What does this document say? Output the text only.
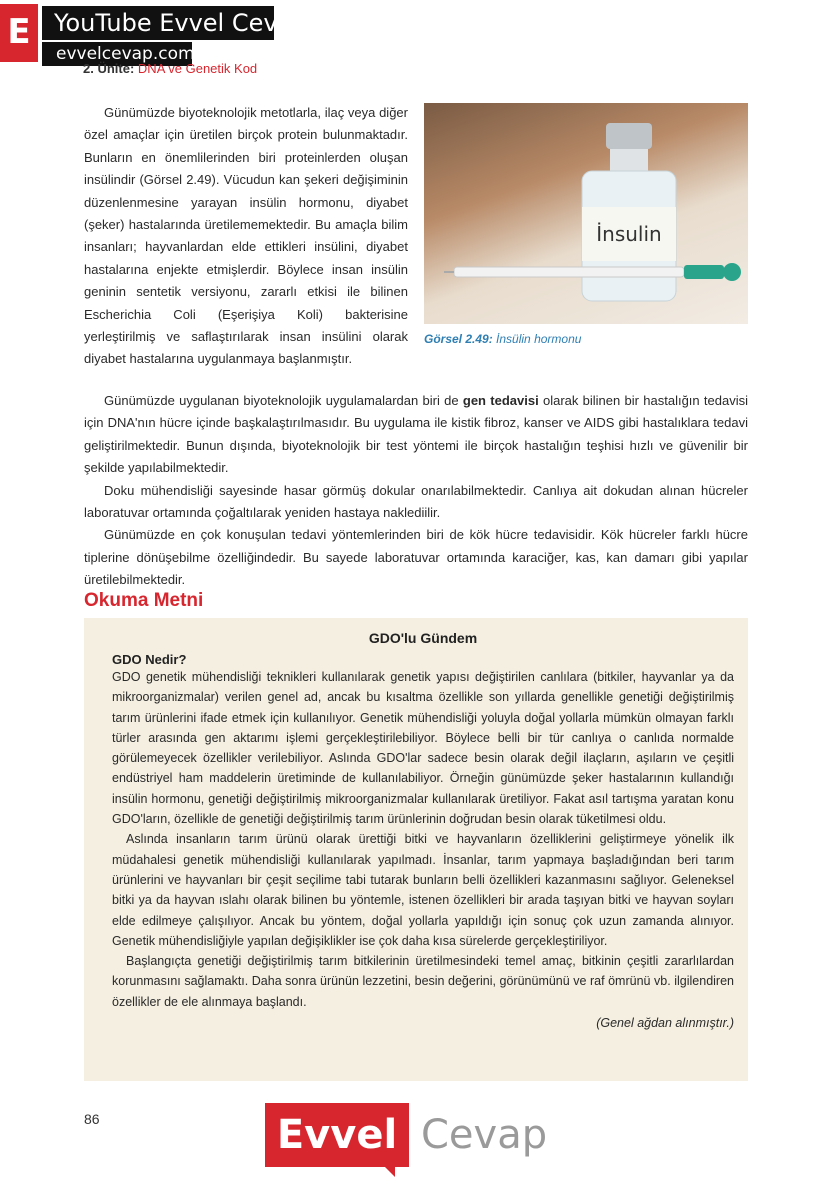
E YouTube Evvel Cevap
evvelcevap.com
2. Ünite: DNA ve Genetik Kod

Günümüzde biyoteknolojik metotlarla, ilaç veya diğer özel amaçlar için üretilen birçok protein bulunmaktadır. Bunların en önemlilerinden biri proteinlerden oluşan insülindir (Görsel 2.49). Vücudun kan şekeri değişiminin düzenlenmesine yarayan insülin hormonu, diyabet (şeker) hastalarında üretilememektedir. Bu amaçla bilim insanları; hayvanlardan elde ettikleri insülini, diyabet hastalarına enjekte etmişlerdir. Böylece insan insülin geninin sentetik versiyonu, zararlı etkisi ile bilinen Escherichia Coli (Eşerişiya Koli) bakterisine yerleştirilmiş ve saflaştırılarak insan insülini olarak diyabet hastalarına uygulanmaya başlanmıştır.

İnsulin
Görsel 2.49: İnsülin hormonu

Günümüzde uygulanan biyoteknolojik uygulamalardan biri de gen tedavisi olarak bilinen bir hastalığın tedavisi için DNA'nın hücre içinde başkalaştırılmasıdır. Bu uygulama ile kistik fibroz, kanser ve AIDS gibi hastalıklara tedavi geliştirilmektedir. Bunun dışında, biyoteknolojik bir test yöntemi ile birçok hastalığın teşhisi hızlı ve güvenilir bir şekilde yapılabilmektedir.

Doku mühendisliği sayesinde hasar görmüş dokular onarılabilmektedir. Canlıya ait dokudan alınan hücreler laboratuvar ortamında çoğaltılarak yeniden hastaya naklediilir.

Günümüzde en çok konuşulan tedavi yöntemlerinden biri de kök hücre tedavisidir. Kök hücreler farklı hücre tiplerine dönüşebilme özelliğindedir. Bu sayede laboratuvar ortamında karaciğer, kas, kan damarı gibi yapılar üretilebilmektedir.

Okuma Metni
GDO'lu Gündem
GDO Nedir?

GDO genetik mühendisliği teknikleri kullanılarak genetik yapısı değiştirilen canlılara (bitkiler, hayvanlar ya da mikroorganizmalar) verilen genel ad, ancak bu kısaltma özellikle son yıllarda genellikle genetiği değiştirilmiş tarım ürünlerini ifade etmek için kullanılıyor. Genetik mühendisliği yoluyla doğal yollarla mümkün olmayan farklı türler arasında gen aktarımı işlemi gerçekleştirilebiliyor. Böylece belli bir tür canlıya o canlıda normalde görülemeyecek özellikler verilebiliyor. Aslında GDO'lar sadece besin olarak değil ilaçların, aşıların ve çeşitli endüstriyel ham maddelerin üretiminde de kullanılabiliyor. Örneğin günümüzde şeker hastalarının kullandığı insülin hormonu, genetiği değiştirilmiş mikroorganizmalar kullanılarak üretiliyor. Fakat asıl tartışma yaratan konu GDO'ların, özellikle de genetiği değiştirilmiş tarım ürünlerinin doğrudan besin olarak tüketilmesi oldu.

Aslında insanların tarım ürünü olarak ürettiği bitki ve hayvanların özelliklerini geliştirmeye yönelik ilk müdahalesi genetik mühendisliği kullanılarak yapılmadı. İnsanlar, tarım yapmaya başladığından beri tarım ürünlerini ve hayvanları bir çeşit seçilime tabi tutarak bunların belli özellikleri kazanmasını sağlıyor. Geleneksel bitki ya da hayvan ıslahı olarak bilinen bu yöntemle, istenen özellikleri bir arada taşıyan bitki ve hayvan soyları elde edilmeye çalışılıyor. Ancak bu yöntem, doğal yollarla yapıldığı için sonuç çok uzun zamanda alınıyor. Genetik mühendisliğiyle yapılan değişiklikler ise çok daha kısa sürelerde gerçekleştiriliyor.

Başlangıçta genetiği değiştirilmiş tarım bitkilerinin üretilmesindeki temel amaç, bitkinin çeşitli zararlılardan korunmasını sağlamaktı. Daha sonra ürünün lezzetini, besin değerini, görünümünü ve raf ömrünü vb. ilgilendiren özellikler de ele alınmaya başlandı.

(Genel ağdan alınmıştır.)
86	Evvel Cevap
